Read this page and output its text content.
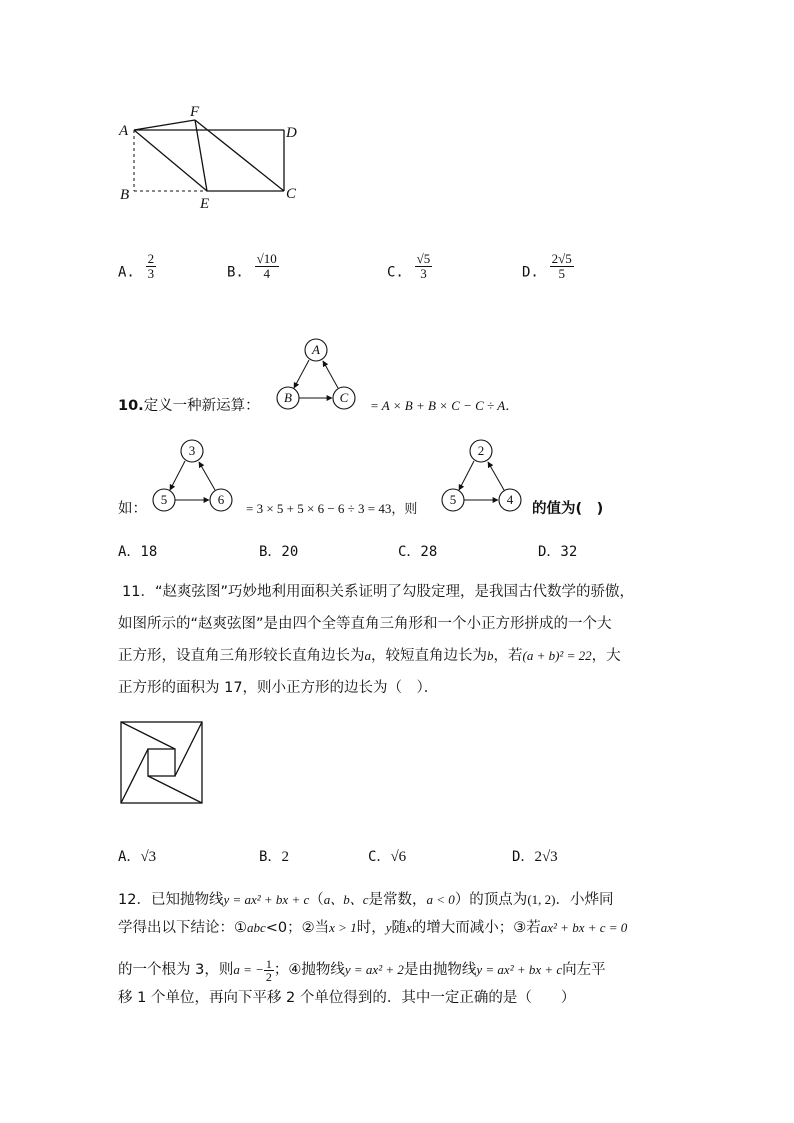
A
F
D
B
E
C
A. $\frac{2}{3}$	B. $\frac{√10}{4}$	C. $\frac{√5}{3}$	D. $\frac{2√5}{5}$
10.定义一种新运算：
A
B	C
= A × B + B × C − C ÷ A．
如：
3
5	6
= 3 × 5 + 5 × 6 − 6 ÷ 3 = 43，则
2
5	4
的值为(　)
A．18	B．20	C．28	D．32
11．“赵爽弦图”巧妙地利用面积关系证明了勾股定理，是我国古代数学的骄傲，
如图所示的“赵爽弦图”是由四个全等直角三角形和一个小正方形拼成的一个大
正方形，设直角三角形较长直角边长为a，较短直角边长为b，若(a + b)² = 22，大
正方形的面积为 17，则小正方形的边长为（　）．
A．√3	B．2	C．√6	D．2√3
12．已知抛物线y = ax² + bx + c（a、b、c是常数，a < 0）的顶点为(1, 2)．小烨同
学得出以下结论：①abc<0；②当x > 1时，y随x的增大而减小；③若ax² + bx + c = 0
的一个根为 3，则a = − $\frac{1}{2}$ ；④抛物线y = ax² + 2是由抛物线y = ax² + bx + c向左平
移 1 个单位，再向下平移 2 个单位得到的．其中一定正确的是（　　）
